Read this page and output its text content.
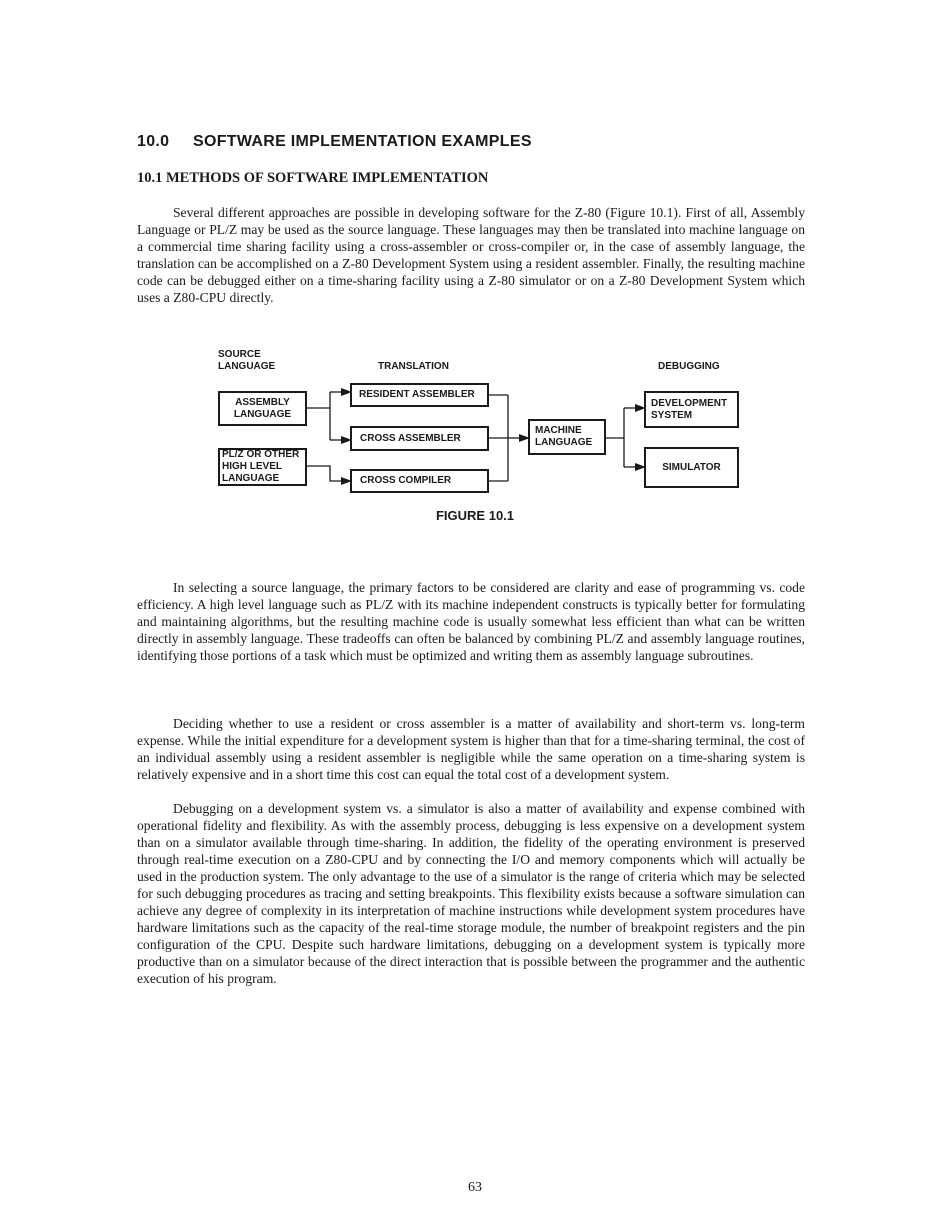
10.0 SOFTWARE IMPLEMENTATION EXAMPLES
10.1 METHODS OF SOFTWARE IMPLEMENTATION

Several different approaches are possible in developing software for the Z-80 (Figure 10.1). First of all, Assembly Language or PL/Z may be used as the source language. These languages may then be translated into machine language on a commercial time sharing facility using a cross-assembler or cross-compiler or, in the case of assembly language, the translation can be accomplished on a Z-80 Development System using a resident assembler. Finally, the resulting machine code can be debugged either on a time-sharing facility using a Z-80 simulator or on a Z-80 Development System which uses a Z80-CPU directly.

SOURCE
LANGUAGE	TRANSLATION	DEBUGGING
ASSEMBLY
LANGUAGE
PL/Z OR OTHER
HIGH LEVEL
LANGUAGE
RESIDENT ASSEMBLER
CROSS ASSEMBLER
CROSS COMPILER
MACHINE
LANGUAGE
DEVELOPMENT
SYSTEM
SIMULATOR
FIGURE 10.1

In selecting a source language, the primary factors to be considered are clarity and ease of programming vs. code efficiency. A high level language such as PL/Z with its machine independent constructs is typically better for formulating and maintaining algorithms, but the resulting machine code is usually somewhat less efficient than what can be written directly in assembly language. These tradeoffs can often be balanced by combining PL/Z and assembly language routines, identifying those portions of a task which must be optimized and writing them as assembly language subroutines.

Deciding whether to use a resident or cross assembler is a matter of availability and short-term vs. long-term expense. While the initial expenditure for a development system is higher than that for a time-sharing terminal, the cost of an individual assembly using a resident assembler is negligible while the same operation on a time-sharing system is relatively expensive and in a short time this cost can equal the total cost of a development system.

Debugging on a development system vs. a simulator is also a matter of availability and expense combined with operational fidelity and flexibility. As with the assembly process, debugging is less expensive on a development system than on a simulator available through time-sharing. In addition, the fidelity of the operating environment is preserved through real-time execution on a Z80-CPU and by connecting the I/O and memory components which will actually be used in the production system. The only advantage to the use of a simulator is the range of criteria which may be selected for such debugging procedures as tracing and setting breakpoints. This flexibility exists because a software simulation can achieve any degree of complexity in its interpretation of machine instructions while development system procedures have hardware limitations such as the capacity of the real-time storage module, the number of breakpoint registers and the pin configuration of the CPU. Despite such hardware limitations, debugging on a development system is typically more productive than on a simulator because of the direct interaction that is possible between the programmer and the authentic execution of his program.

63
